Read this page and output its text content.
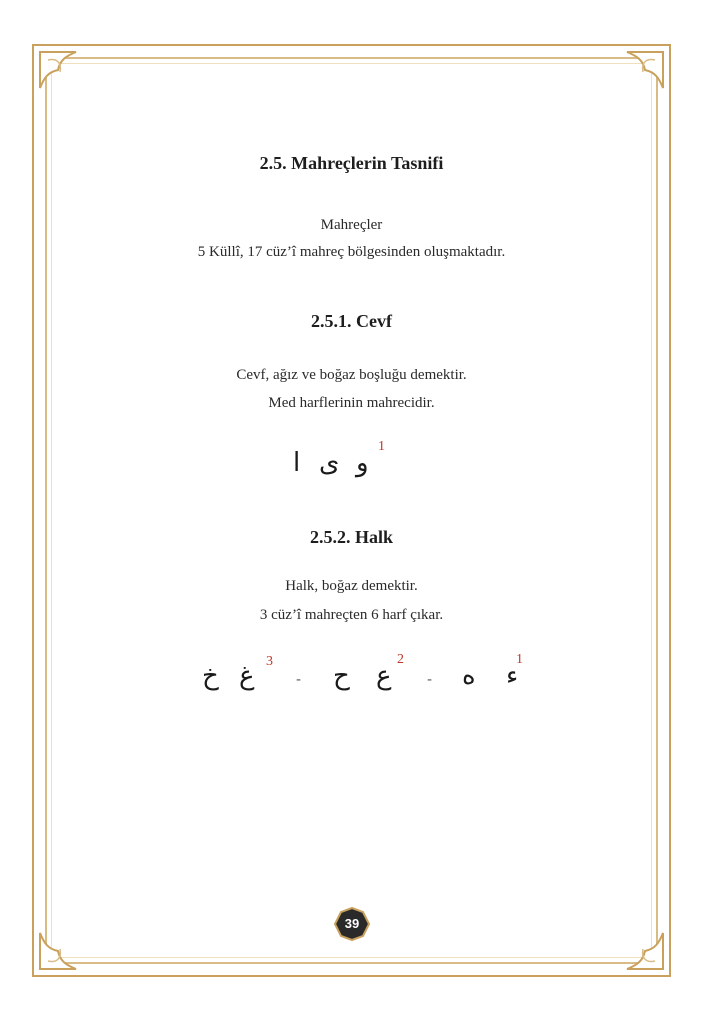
2.5. Mahreçlerin Tasnifi
Mahreçler
5 Küllî, 17 cüz’î mahreç bölgesinden oluşmaktadır.
2.5.1. Cevf
Cevf, ağız ve boğaz boşluğu demektir.
Med harflerinin mahrecidir.
و
ى
ا
1
2.5.2. Halk
Halk, boğaz demektir.
3 cüz’î mahreçten 6 harf çıkar.
1
ء
ه
-
2
ع
ح
-
3
غ
خ
39
